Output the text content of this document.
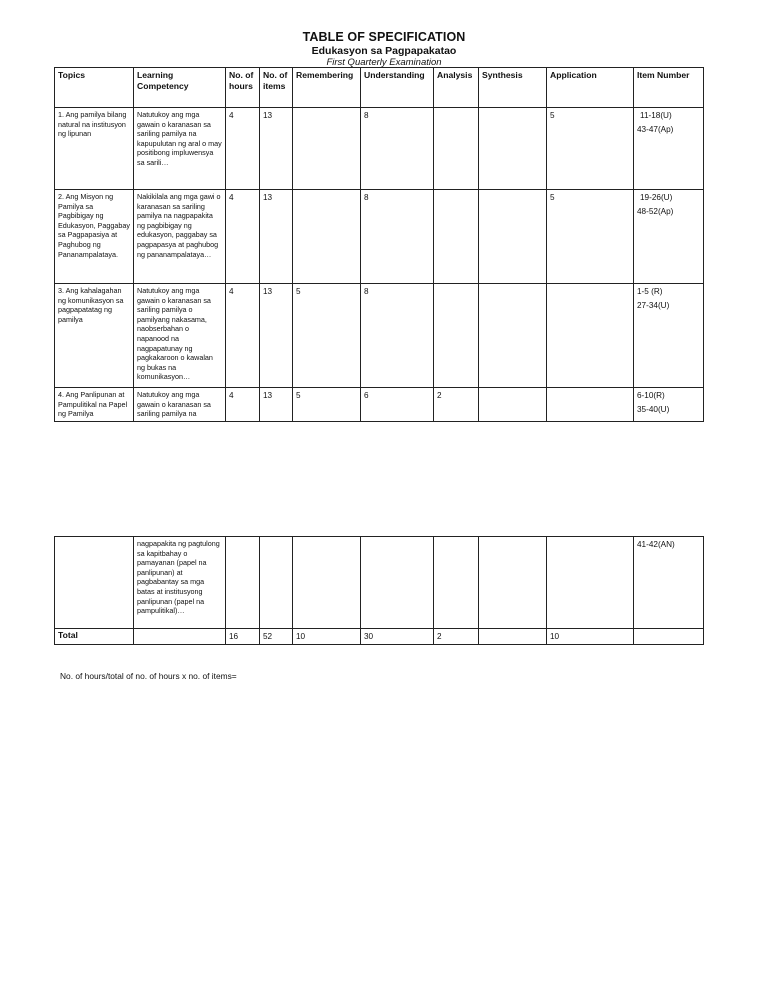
TABLE OF SPECIFICATION
Edukasyon sa Pagpapakatao
First Quarterly Examination
Topics	Learning Competency	No. of hours	No. of items	Remembering	Understanding	Analysis	Synthesis	Application	Item Number
1. Ang pamilya bilang natural na institusyon ng lipunan	Natutukoy ang mga gawain o karanasan sa sariling pamilya na kapupulutan ng aral o may positibong impluwensya sa sarili…	4	13		8			5	11-18(U)
43-47(Ap)

2. Ang Misyon ng Pamilya sa Pagbibigay ng Edukasyon, Paggabay sa Pagpapasiya at Paghubog ng Pananampalataya.	Nakikilala ang mga gawi o karanasan sa sariling pamilya na nagpapakita ng pagbibigay ng edukasyon, paggabay sa pagpapasya at paghubog ng pananampalataya…	4	13		8			5	19-26(U)
48-52(Ap)

3. Ang kahalagahan ng komunikasyon sa pagpapatatag ng pamilya	Natutukoy ang mga gawain o karanasan sa sariling pamilya o pamilyang nakasama, naobserbahan o napanood na nagpapatunay ng pagkakaroon o kawalan ng bukas na komunikasyon…	4	13	5	8				1-5 (R)
27-34(U)

4. Ang Panlipunan at Pampulitikal na Papel ng Pamilya	Natutukoy ang mga gawain o karanasan sa sariling pamilya na	4	13	5	6	2			6-10(R)
35-40(U)
	nagpapakita ng pagtulong sa kapitbahay o pamayanan (papel na panlipunan) at pagbabantay sa mga batas at institusyong panlipunan (papel na pampulitikal)…								41-42(AN)
Total		16	52	10	30	2		10	
No. of hours/total of no. of hours x no. of items=
